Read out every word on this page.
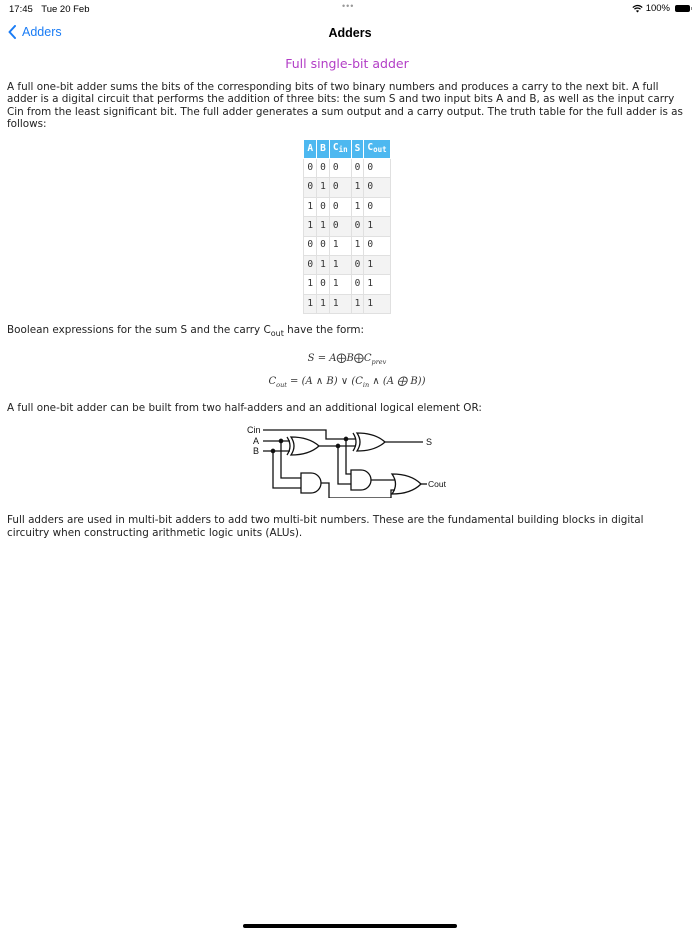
17:45 Tue 20 Feb	•••	100%
Adders	Adders
Full single-bit adder

A full one-bit adder sums the bits of the corresponding bits of two binary numbers and produces a carry to the next bit. A full adder is a digital circuit that performs the addition of three bits: the sum S and two input bits A and B, as well as the input carry Cin from the least significant bit. The full adder generates a sum output and a carry output. The truth table for the full adder is as follows:

A	B	$C_{in}$	S	$C_{out}$
0	0	0	0	0
0	1	0	1	0
1	0	0	1	0
1	1	0	0	1
0	0	1	1	0
0	1	1	0	1
1	0	1	0	1
1	1	1	1	1

Boolean expressions for the sum S and the carry $C_{out}$ have the form:

$S = A⨁B⨁C_{prev}$
$C_{out} = (A$ ∧ B) ∨ ($C_{in}$ ∧ (A ⨁ B))

A full one-bit adder can be built from two half-adders and an additional logical element OR:

Cin
A
B
S
Cout

Full adders are used in multi-bit adders to add two multi-bit numbers. These are the fundamental building blocks in digital circuitry when constructing arithmetic logic units (ALUs).
